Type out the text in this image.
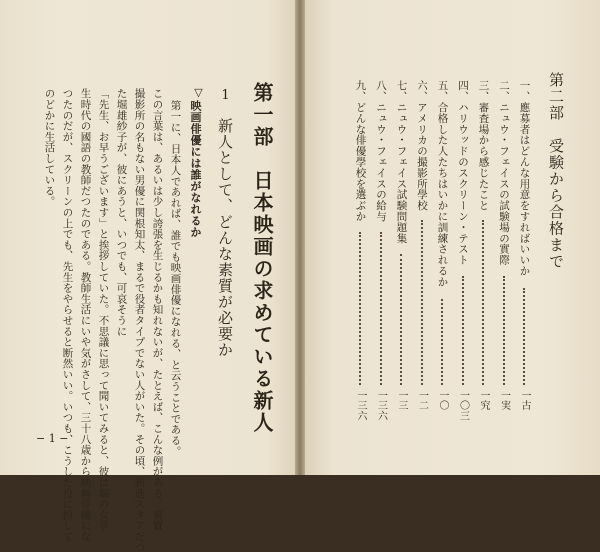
第一部　日本映画の求めている新人
1
新人として、どんな素質が必要か
▽
映画俳優には誰がなれるか
第一に、日本人であれば、誰でも映画俳優になれる、と云うことである。
この言葉は、あるいは少し誇張を生じるかも知れないが、たとえば、こんな例がある。東寶
撮影所の名もない男優に関根知太、まるで役者タイプでない人がいた。その頃、新進スタアだつ
た堀雄紗子が、彼にあうと、いつでも、可哀そうに
「先生、お早うございます」と挨拶していた。不思議に思って聞いてみると、彼は堀の女學
生時代の國語の教師だつたのである。教師生活にいや気がさして、三十八歳から映画俳優にな
つたのだが、スクリーンの上でも、先生をやらせると断然いい。いつも、こうした役に扮して
のどかに生活している。
− 1 −
第二部　受験から合格まで
一、應募者はどんな用意をすればいいか
一古
二、ニュウ・フェイスの試験場の實際
一実
三、審査場から感じたこと
一究
四、ハリウッドのスクリーン・テスト
一〇三
五、合格した人たちはいかに訓練されるか
一〇
六、アメリカの撮影所學校
一二
七、ニュウ・フェイス試験問題集
一三
八、ニュウ・フェイスの給与
一三六
九、どんな俳優學校を選ぶか
一三六
